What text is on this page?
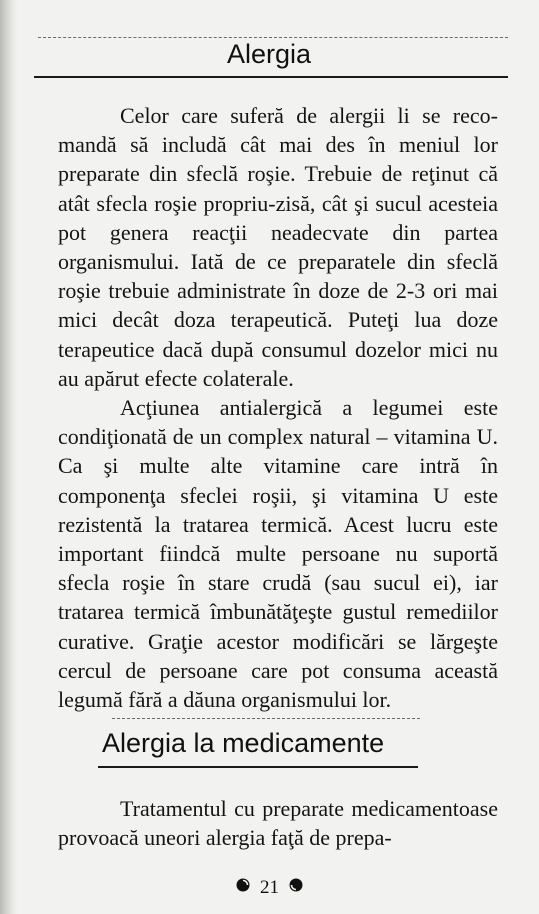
Alergia

Celor care suferă de alergii li se recomandă să includă cât mai des în meniul lor preparate din sfeclă roşie. Trebuie de reţinut că atât sfecla roşie propriu-zisă, cât şi sucul acesteia pot genera reacţii neadecvate din partea organismului. Iată de ce preparatele din sfeclă roşie trebuie administrate în doze de 2-3 ori mai mici decât doza terapeutică. Puteţi lua doze terapeutice dacă după consumul dozelor mici nu au apărut efecte colaterale.

Acţiunea antialergică a legumei este condiţionată de un complex natural – vitamina U. Ca şi multe alte vitamine care intră în componenţa sfeclei roşii, şi vitamina U este rezistentă la tratarea termică. Acest lucru este important fiindcă multe persoane nu suportă sfecla roşie în stare crudă (sau sucul ei), iar tratarea termică îmbunătăţeşte gustul remediilor curative. Graţie acestor modificări se lărgeşte cercul de persoane care pot consuma această legumă fără a dăuna organismului lor.

Alergia la medicamente

Tratamentul cu preparate medicamentoase provoacă uneori alergia faţă de prepa-

21
